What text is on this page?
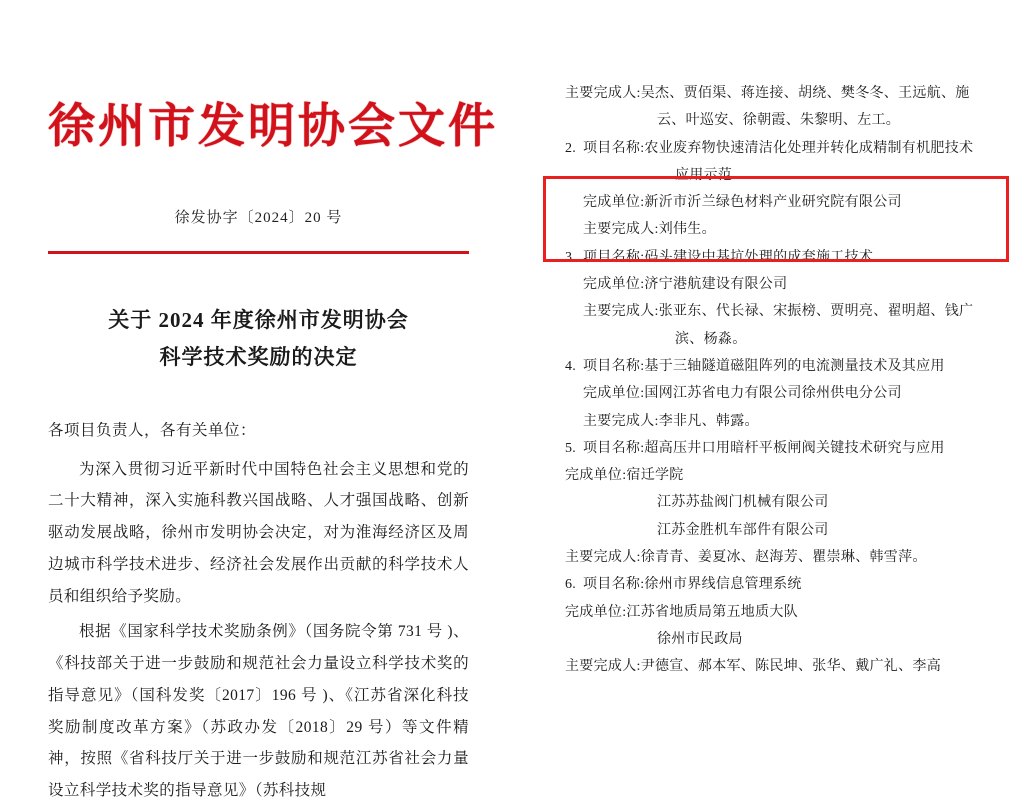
徐州市发明协会文件
徐发协字〔2024〕20 号
关于 2024 年度徐州市发明协会
科学技术奖励的决定
各项目负责人，各有关单位：
为深入贯彻习近平新时代中国特色社会主义思想和党的二十大精神，深入实施科教兴国战略、人才强国战略、创新驱动发展战略，徐州市发明协会决定，对为淮海经济区及周边城市科学技术进步、经济社会发展作出贡献的科学技术人员和组织给予奖励。
根据《国家科学技术奖励条例》（国务院令第 731 号 )、《科技部关于进一步鼓励和规范社会力量设立科学技术奖的指导意见》（国科发奖〔2017〕196 号 )、《江苏省深化科技奖励制度改革方案》（苏政办发〔2018〕29 号）等文件精神，按照《省科技厅关于进一步鼓励和规范江苏省社会力量设立科学技术奖的指导意见》（苏科技规
主要完成人: 吴杰、贾佰渠、蒋连接、胡绕、樊冬冬、王远航、施
云、叶巡安、徐朝霞、朱黎明、左工。
2. 项目名称: 农业废弃物快速清洁化处理并转化成精制有机肥技术
应用示范
完成单位: 新沂市沂兰绿色材料产业研究院有限公司
主要完成人: 刘伟生。
3. 项目名称: 码头建设中基坑处理的成套施工技术
完成单位: 济宁港航建设有限公司
主要完成人: 张亚东、代长禄、宋振榜、贾明亮、翟明超、钱广
滨、杨淼。
4. 项目名称: 基于三轴隧道磁阻阵列的电流测量技术及其应用
完成单位: 国网江苏省电力有限公司徐州供电分公司
主要完成人: 李非凡、韩露。
5. 项目名称: 超高压井口用暗杆平板闸阀关键技术研究与应用
完成单位: 宿迁学院
江苏苏盐阀门机械有限公司
江苏金胜机车部件有限公司
主要完成人: 徐青青、姜夏冰、赵海芳、瞿崇琳、韩雪萍。
6. 项目名称: 徐州市界线信息管理系统
完成单位: 江苏省地质局第五地质大队
徐州市民政局
主要完成人: 尹德宣、郝本军、陈民坤、张华、戴广礼、李高
